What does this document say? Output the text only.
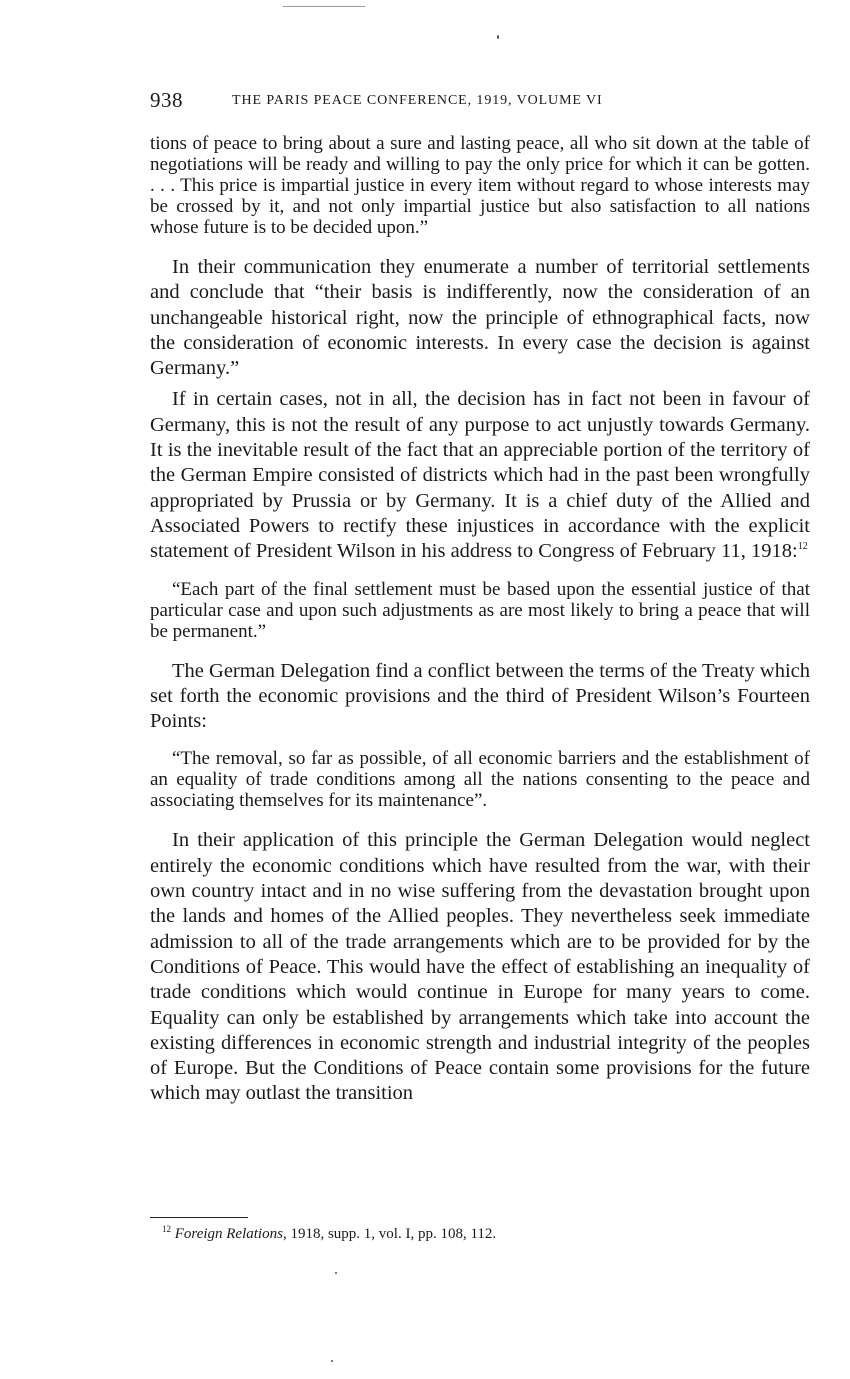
938	THE PARIS PEACE CONFERENCE, 1919, VOLUME VI

tions of peace to bring about a sure and lasting peace, all who sit down at the table of negotiations will be ready and willing to pay the only price for which it can be gotten. . . . This price is impartial justice in every item without regard to whose interests may be crossed by it, and not only impartial justice but also satisfaction to all nations whose future is to be decided upon.”

In their communication they enumerate a number of territorial settlements and conclude that “their basis is indifferently, now the consideration of an unchangeable historical right, now the principle of ethnographical facts, now the consideration of economic interests. In every case the decision is against Germany.”

If in certain cases, not in all, the decision has in fact not been in favour of Germany, this is not the result of any purpose to act unjustly towards Germany. It is the inevitable result of the fact that an appreciable portion of the territory of the German Empire consisted of districts which had in the past been wrongfully appropriated by Prussia or by Germany. It is a chief duty of the Allied and Associated Powers to rectify these injustices in accordance with the explicit statement of President Wilson in his address to Congress of February 11, 1918:$^{12}$

“Each part of the final settlement must be based upon the essential justice of that particular case and upon such adjustments as are most likely to bring a peace that will be permanent.”

The German Delegation find a conflict between the terms of the Treaty which set forth the economic provisions and the third of President Wilson’s Fourteen Points:

“The removal, so far as possible, of all economic barriers and the establishment of an equality of trade conditions among all the nations consenting to the peace and associating themselves for its maintenance”.

In their application of this principle the German Delegation would neglect entirely the economic conditions which have resulted from the war, with their own country intact and in no wise suffering from the devastation brought upon the lands and homes of the Allied peoples. They nevertheless seek immediate admission to all of the trade arrangements which are to be provided for by the Conditions of Peace. This would have the effect of establishing an inequality of trade conditions which would continue in Europe for many years to come. Equality can only be established by arrangements which take into account the existing differences in economic strength and industrial integrity of the peoples of Europe. But the Conditions of Peace contain some provisions for the future which may outlast the transition

$^{12}$ Foreign Relations, 1918, supp. 1, vol. I, pp. 108, 112.
